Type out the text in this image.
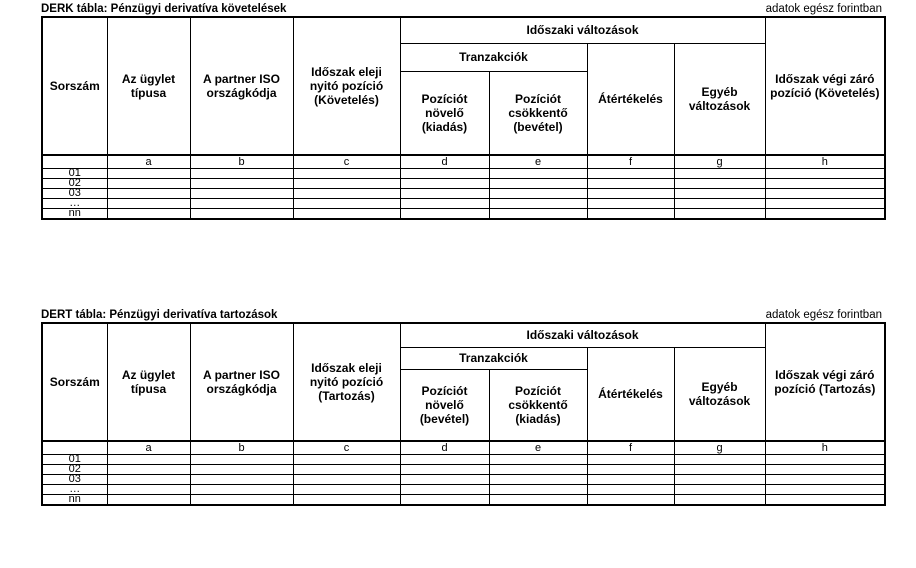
DERK tábla: Pénzügyi derivatíva követelések	adatok egész forintban
Sorszám	Az ügylet típusa	A partner ISO országkódja	Időszak eleji nyitó pozíció (Követelés)	Időszaki változások				Időszak végi záró pozíció (Követelés)
				Tranzakciók		Átértékelés	Egyéb változások	
				Pozíciót növelő (kiadás)	Pozíciót csökkentő (bevétel)			
	a	b	c	d	e	f	g	h
01								
02								
03								
…								
nn								
DERT tábla: Pénzügyi derivatíva tartozások	adatok egész forintban
Sorszám	Az ügylet típusa	A partner ISO országkódja	Időszak eleji nyitó pozíció (Tartozás)	Időszaki változások				Időszak végi záró pozíció (Tartozás)
				Tranzakciók		Átértékelés	Egyéb változások	
				Pozíciót növelő (bevétel)	Pozíciót csökkentő (kiadás)			
	a	b	c	d	e	f	g	h
01								
02								
03								
…								
nn								
